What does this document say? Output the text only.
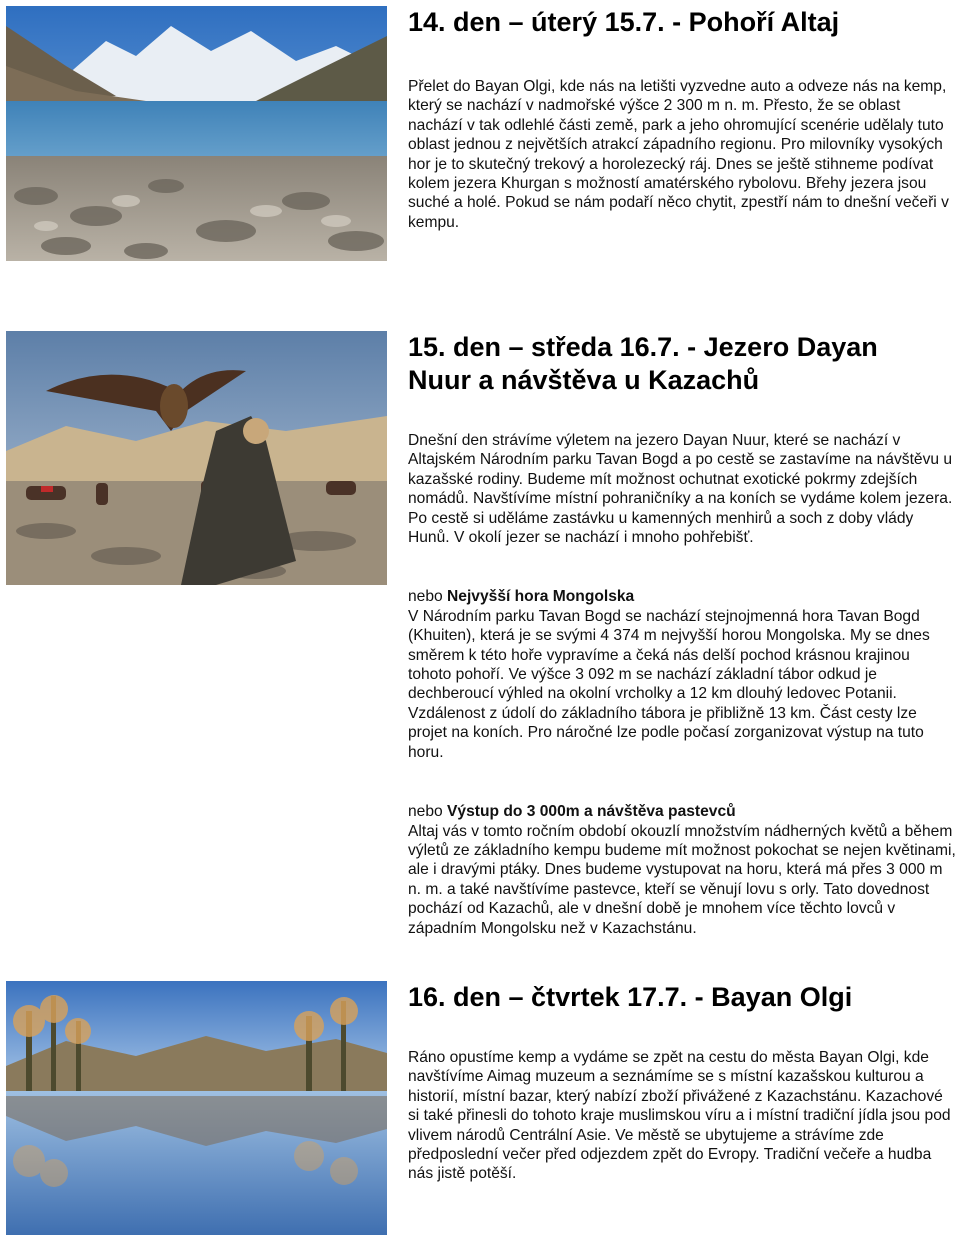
14. den – úterý 15.7. - Pohoří Altaj

Přelet do Bayan Olgi, kde nás na letišti vyzvedne auto a odveze nás na kemp, který se nachází v nadmořské výšce 2 300 m n. m. Přesto, že se oblast nachází v tak odlehlé části země, park a jeho ohromující scenérie udělaly tuto oblast jednou z největších atrakcí západního regionu. Pro milovníky vysokých hor je to skutečný trekový a horolezecký ráj. Dnes se ještě stihneme podívat kolem jezera Khurgan s možností amatérského rybolovu. Břehy jezera jsou suché a holé. Pokud se nám podaří něco chytit, zpestří nám to dnešní večeři v kempu.

15. den – středa 16.7. - Jezero Dayan Nuur a návštěva u Kazachů

Dnešní den strávíme výletem na jezero Dayan Nuur, které se nachází v Altajském Národním parku Tavan Bogd a po cestě se zastavíme na návštěvu u kazašské rodiny. Budeme mít možnost ochutnat exotické pokrmy zdejších nomádů. Navštívíme místní pohraničníky a na koních se vydáme kolem jezera. Po cestě si uděláme zastávku u kamenných menhirů a soch z doby vlády Hunů. V okolí jezer se nachází i mnoho pohřebišť.

nebo Nejvyšší hora Mongolska

V Národním parku Tavan Bogd se nachází stejnojmenná hora Tavan Bogd (Khuiten), která je se svými 4 374 m nejvyšší horou Mongolska. My se dnes směrem k této hoře vypravíme a čeká nás delší pochod krásnou krajinou tohoto pohoří. Ve výšce 3 092 m se nachází základní tábor odkud je dechberoucí výhled na okolní vrcholky a 12 km dlouhý ledovec Potanii. Vzdálenost z údolí do základního tábora je přibližně 13 km. Část cesty lze projet na koních. Pro náročné lze podle počasí zorganizovat výstup na tuto horu.

nebo Výstup do 3 000m a návštěva pastevců

Altaj vás v tomto ročním období okouzlí množstvím nádherných květů a během výletů ze základního kempu budeme mít možnost pokochat se nejen květinami, ale i dravými ptáky. Dnes budeme vystupovat na horu, která má přes 3 000 m n. m. a také navštívíme pastevce, kteří se věnují lovu s orly. Tato dovednost pochází od Kazachů, ale v dnešní době je mnohem více těchto lovců v západním Mongolsku než v Kazachstánu.

16. den – čtvrtek 17.7. - Bayan Olgi

Ráno opustíme kemp a vydáme se zpět na cestu do města Bayan Olgi, kde navštívíme Aimag muzeum a seznámíme se s místní kazašskou kulturou a historií, místní bazar, který nabízí zboží přivážené z Kazachstánu. Kazachové si také přinesli do tohoto kraje muslimskou víru a i místní tradiční jídla jsou pod vlivem národů Centrální Asie. Ve městě se ubytujeme a strávíme zde předposlední večer před odjezdem zpět do Evropy. Tradiční večeře a hudba nás jistě potěší.
